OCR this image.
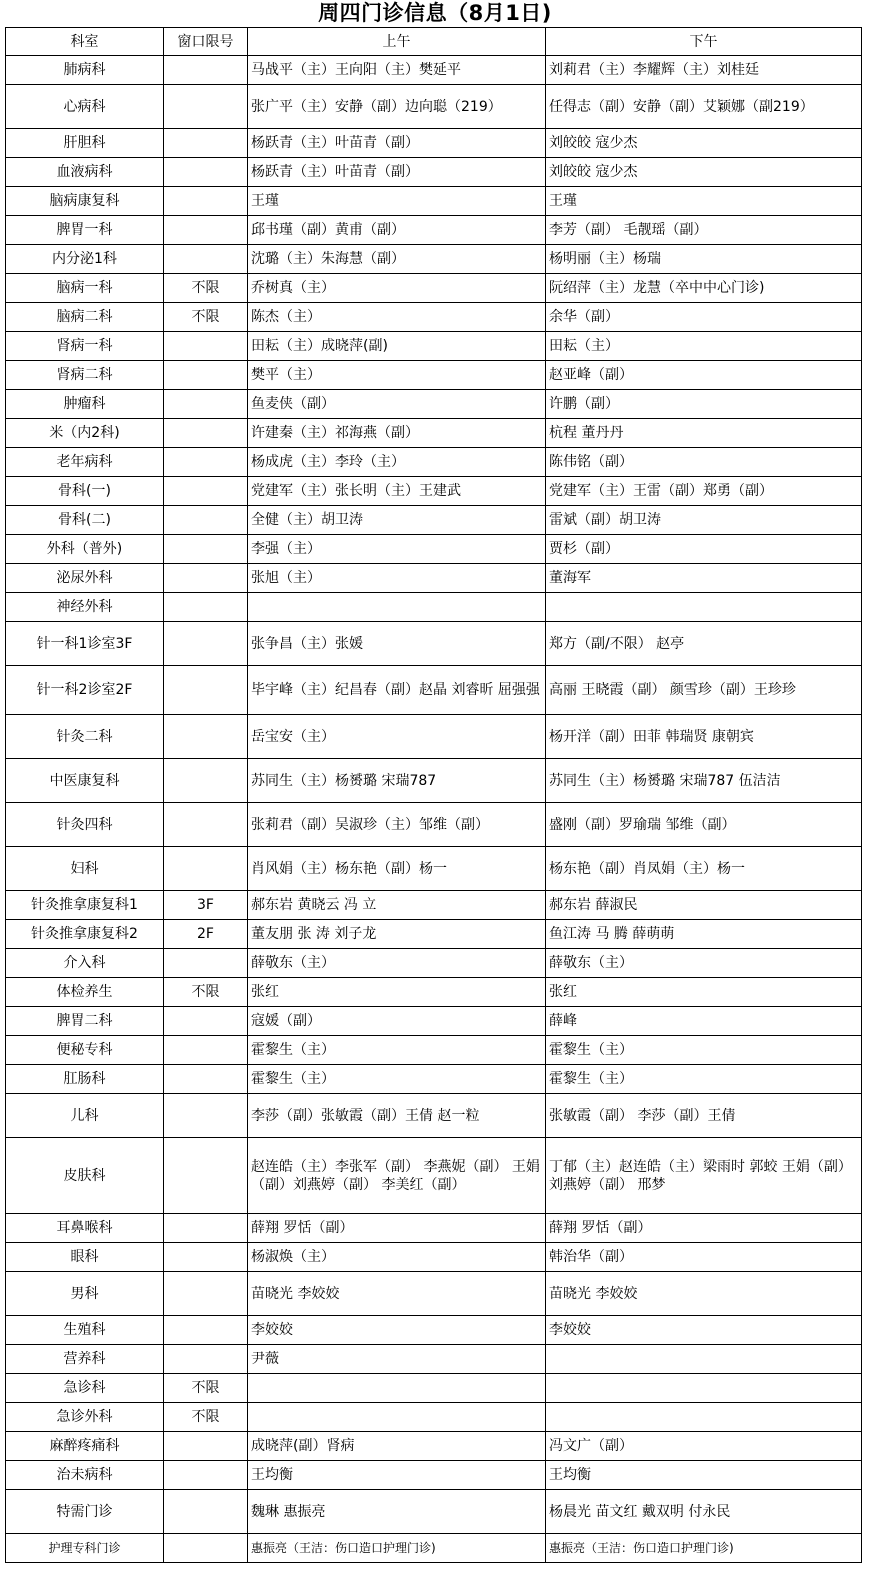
周四门诊信息（8月1日)
科室	窗口限号	上午	下午
肺病科		马战平（主）王向阳（主）樊延平	刘莉君（主）李耀辉（主）刘桂廷
心病科		张广平（主）安静（副）边向聪（219）	任得志（副）安静（副）艾颖娜（副219）
肝胆科		杨跃青（主）叶苗青（副）	刘皎皎 寇少杰
血液病科		杨跃青（主）叶苗青（副）	刘皎皎 寇少杰
脑病康复科		王瑾	王瑾
脾胃一科		邱书瑾（副）黄甫（副）	李芳（副） 毛靓瑶（副）
内分泌1科		沈璐（主）朱海慧（副）	杨明丽（主）杨瑞
脑病一科	不限	乔树真（主）	阮绍萍（主）龙慧（卒中中心门诊)
脑病二科	不限	陈杰（主）	余华（副）
肾病一科		田耘（主）成晓萍(副)	田耘（主）
肾病二科		樊平（主）	赵亚峰（副）
肿瘤科		鱼麦侠（副）	许鹏（副）
米（内2科)		许建秦（主）祁海燕（副）	杭程 董丹丹
老年病科		杨成虎（主）李玲（主）	陈伟铭（副）
骨科(一)		党建军（主）张长明（主）王建武	党建军（主）王雷（副）郑勇（副）
骨科(二)		全健（主）胡卫涛	雷斌（副）胡卫涛
外科（普外)		李强（主）	贾杉（副）
泌尿外科		张旭（主）	董海军
神经外科			
针一科1诊室3F		张争昌（主）张媛	郑方（副/不限） 赵亭
针一科2诊室2F		毕宇峰（主）纪昌春（副）赵晶 刘睿昕 屈强强	高丽 王晓霞（副） 颜雪珍（副）王珍珍
针灸二科		岳宝安（主）	杨开洋（副）田菲 韩瑞贤 康朝宾
中医康复科		苏同生（主）杨赟璐 宋瑞787	苏同生（主）杨赟璐 宋瑞787 伍洁洁
针灸四科		张莉君（副）吴淑珍（主）邹维（副）	盛刚（副）罗瑜瑞 邹维（副）
妇科		肖风娟（主）杨东艳（副）杨一	杨东艳（副）肖凤娟（主）杨一
针灸推拿康复科1	3F	郝东岩 黄晓云 冯 立	郝东岩 薛淑民
针灸推拿康复科2	2F	董友朋 张 涛 刘子龙	鱼江涛 马 腾 薛萌萌
介入科		薛敬东（主）	薛敬东（主）
体检养生	不限	张红	张红
脾胃二科		寇媛（副）	薛峰
便秘专科		霍黎生（主）	霍黎生（主）
肛肠科		霍黎生（主）	霍黎生（主）
儿科		李莎（副）张敏霞（副）王倩 赵一粒	张敏霞（副） 李莎（副）王倩
皮肤科		赵连皓（主）李张军（副） 李燕妮（副） 王娟（副）刘燕婷（副） 李美红（副）	丁郁（主）赵连皓（主）梁雨时 郭蛟 王娟（副）刘燕婷（副） 邢梦
耳鼻喉科		薛翔 罗恬（副）	薛翔 罗恬（副）
眼科		杨淑焕（主）	韩治华（副）
男科		苗晓光 李姣姣	苗晓光 李姣姣
生殖科		李姣姣	李姣姣
营养科		尹薇	
急诊科	不限		
急诊外科	不限		
麻醉疼痛科		成晓萍(副）肾病	冯文广（副）
治未病科		王均衡	王均衡
特需门诊		魏琳 惠振亮	杨晨光 苗文红 戴双明 付永民
护理专科门诊		惠振亮（王洁：伤口造口护理门诊)	惠振亮（王洁：伤口造口护理门诊)
